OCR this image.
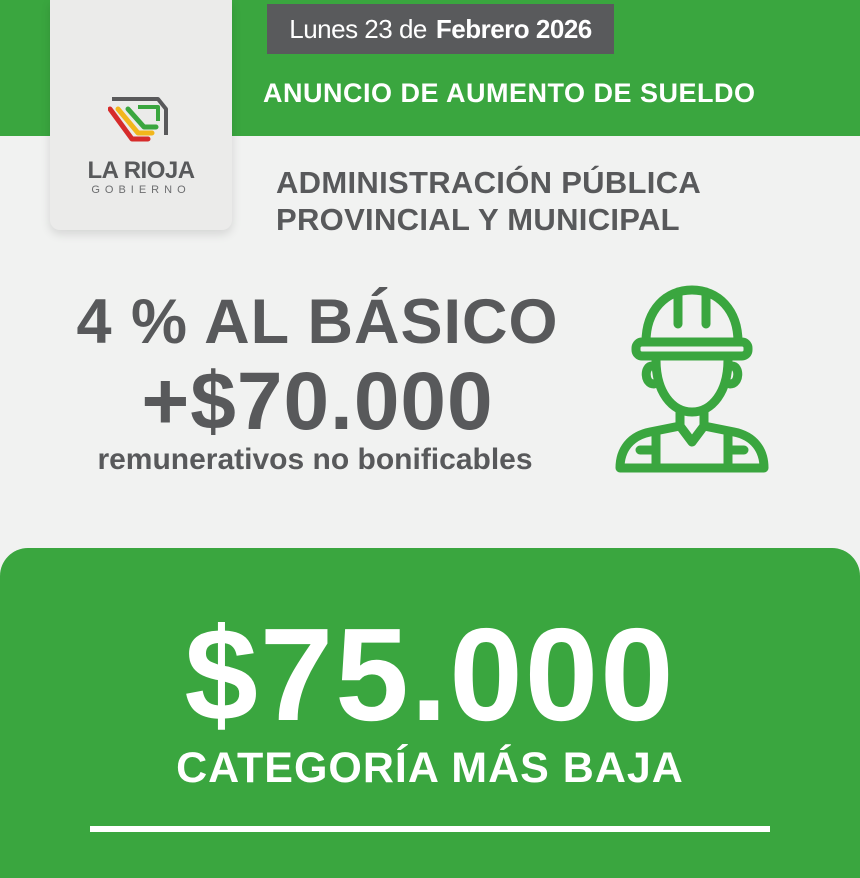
Lunes 23 de Febrero 2026
ANUNCIO DE AUMENTO DE SUELDO
LA RIOJA
GOBIERNO	ADMINISTRACIÓN PÚBLICA
PROVINCIAL Y MUNICIPAL
4 % AL BÁSICO
+$70.000
remunerativos no bonificables
$75.000
CATEGORÍA MÁS BAJA
